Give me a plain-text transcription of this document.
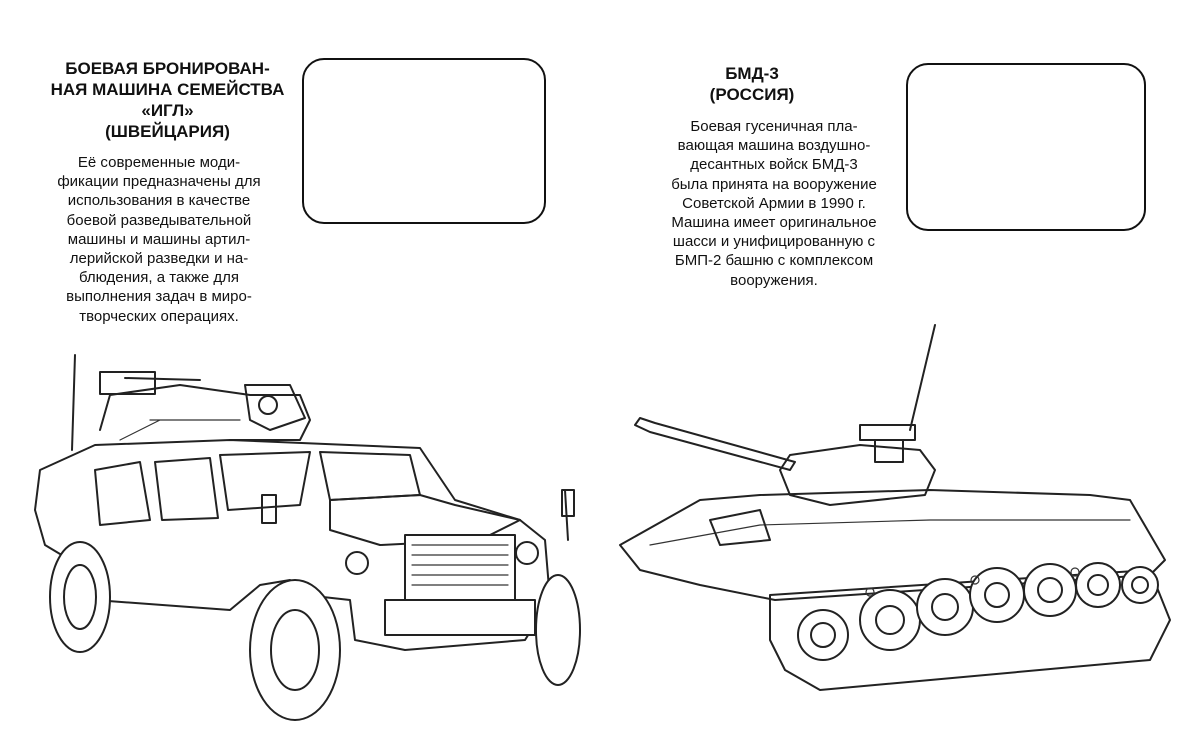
БОЕВАЯ БРОНИРОВАН-
НАЯ МАШИНА СЕМЕЙСТВА
«ИГЛ»
(ШВЕЙЦАРИЯ)
Её современные моди-
фикации предназначены для
использования в качестве
боевой разведывательной
машины и машины артил-
лерийской разведки и на-
блюдения, а также для
выполнения задач в миро-
творческих операциях.
БМД-3
(РОССИЯ)
Боевая гусеничная пла-
вающая машина воздушно-
десантных войск БМД-3
была принята на вооружение
Советской Армии в 1990 г.
Машина имеет оригинальное
шасси и унифицированную с
БМП-2 башню с комплексом
вооружения.
